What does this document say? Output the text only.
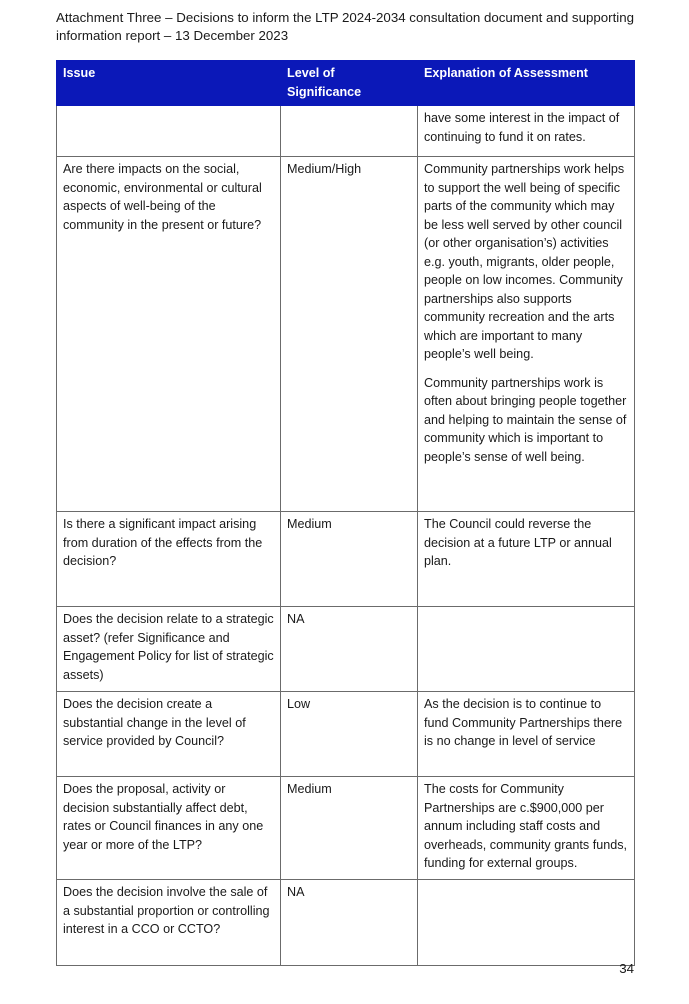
Attachment Three – Decisions to inform the LTP 2024-2034 consultation document and supporting
information report – 13 December 2023
Issue	Level of Significance	Explanation of Assessment

		have some interest in the impact of continuing to fund it on rates.

Are there impacts on the social, economic, environmental or cultural aspects of well-being of the community in the present or future?	Medium/High	Community partnerships work helps to support the well being of specific parts of the community which may be less well served by other council (or other organisation’s) activities e.g. youth, migrants, older people, people on low incomes. Community partnerships also supports community recreation and the arts which are important to many people’s well being.

Community partnerships work is often about bringing people together and helping to maintain the sense of community which is important to people’s sense of well being.

Is there a significant impact arising from duration of the effects from the decision?	Medium	The Council could reverse the decision at a future LTP or annual plan.

Does the decision relate to a strategic asset? (refer Significance and Engagement Policy for list of strategic assets)	NA	

Does the decision create a substantial change in the level of service provided by Council?	Low	As the decision is to continue to fund Community Partnerships there is no change in level of service

Does the proposal, activity or decision substantially affect debt, rates or Council finances in any one year or more of the LTP?	Medium	The costs for Community Partnerships are c.$900,000 per annum including staff costs and overheads, community grants funds, funding for external groups.

Does the decision involve the sale of a substantial proportion or controlling interest in a CCO or CCTO?	NA	

34
